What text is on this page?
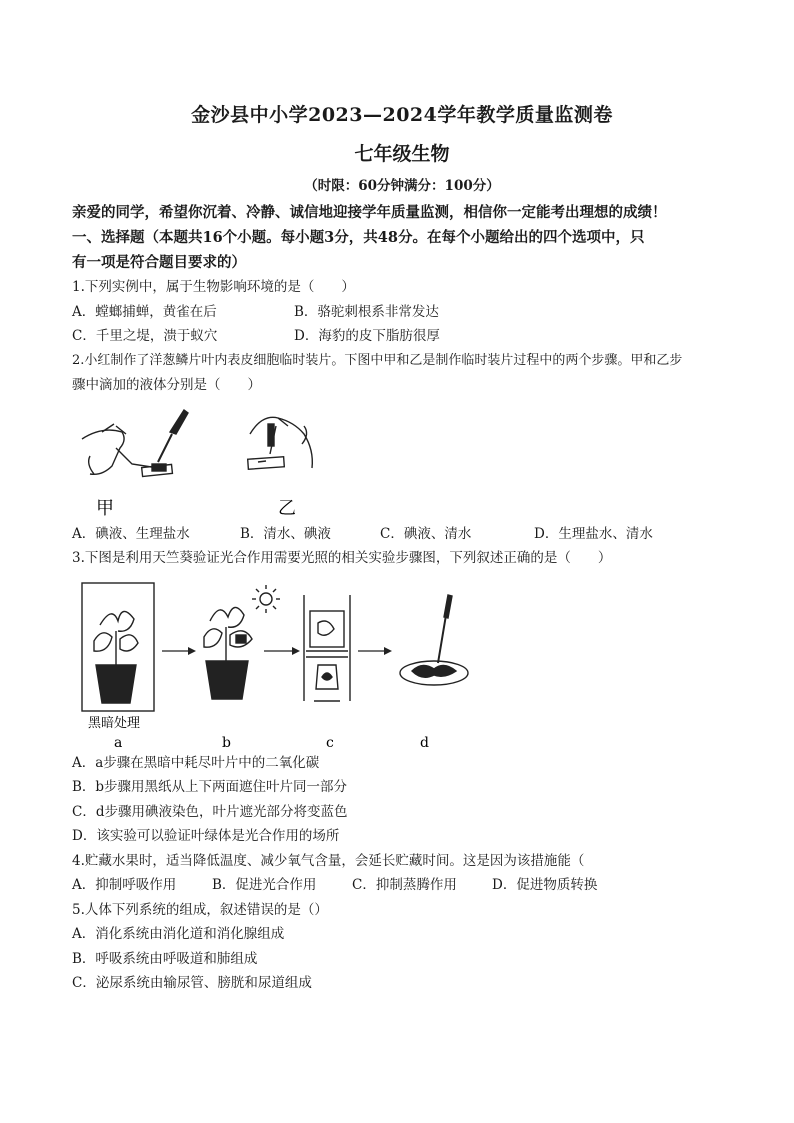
金沙县中小学2023—2024学年教学质量监测卷
七年级生物
（时限：60分钟满分：100分）
亲爱的同学，希望你沉着、冷静、诚信地迎接学年质量监测，相信你一定能考出理想的成绩！
一、选择题（本题共16个小题。每小题3分，共48分。在每个小题给出的四个选项中，只
有一项是符合题目要求的）
1.下列实例中，属于生物影响环境的是（　　）
A．螳螂捕蝉，黄雀在后	B．骆驼刺根系非常发达
C．千里之堤，溃于蚁穴	D．海豹的皮下脂肪很厚
2.小红制作了洋葱鳞片叶内表皮细胞临时装片。下图中甲和乙是制作临时装片过程中的两个步骤。甲和乙步
骤中滴加的液体分别是（　　）
甲	乙
A．碘液、生理盐水	B．清水、碘液	C．碘液、清水	D．生理盐水、清水
3.下图是利用天竺葵验证光合作用需要光照的相关实验步骤图，下列叙述正确的是（　　）
黑暗处理
a	b	c	d
A．a步骤在黑暗中耗尽叶片中的二氧化碳
B．b步骤用黑纸从上下两面遮住叶片同一部分
C．d步骤用碘液染色，叶片遮光部分将变蓝色
D．该实验可以验证叶绿体是光合作用的场所
4.贮藏水果时，适当降低温度、减少氧气含量，会延长贮藏时间。这是因为该措施能（
A．抑制呼吸作用	B．促进光合作用	C．抑制蒸腾作用	D．促进物质转换
5.人体下列系统的组成，叙述错误的是（）
A．消化系统由消化道和消化腺组成
B．呼吸系统由呼吸道和肺组成
C．泌尿系统由输尿管、膀胱和尿道组成
